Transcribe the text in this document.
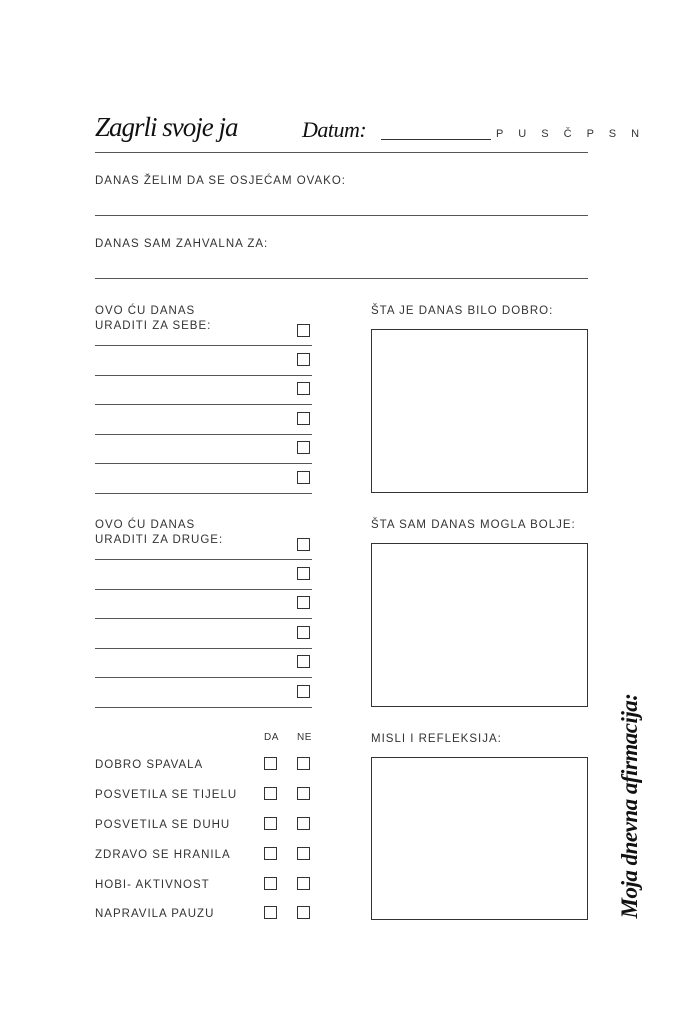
Zagrli svoje ja	Datum:	P U S Č P S N
DANAS ŽELIM DA SE OSJEĆAM OVAKO:
DANAS SAM ZAHVALNA ZA:
OVO ĆU DANAS
URADITI ZA SEBE:
ŠTA JE DANAS BILO DOBRO:
OVO ĆU DANAS
URADITI ZA DRUGE:
ŠTA SAM DANAS MOGLA BOLJE:
DA NE
DOBRO SPAVALA
POSVETILA SE TIJELU
POSVETILA SE DUHU
ZDRAVO SE HRANILA
HOBI- AKTIVNOST
NAPRAVILA PAUZU
MISLI I REFLEKSIJA:	Moja dnevna afirmacija:
